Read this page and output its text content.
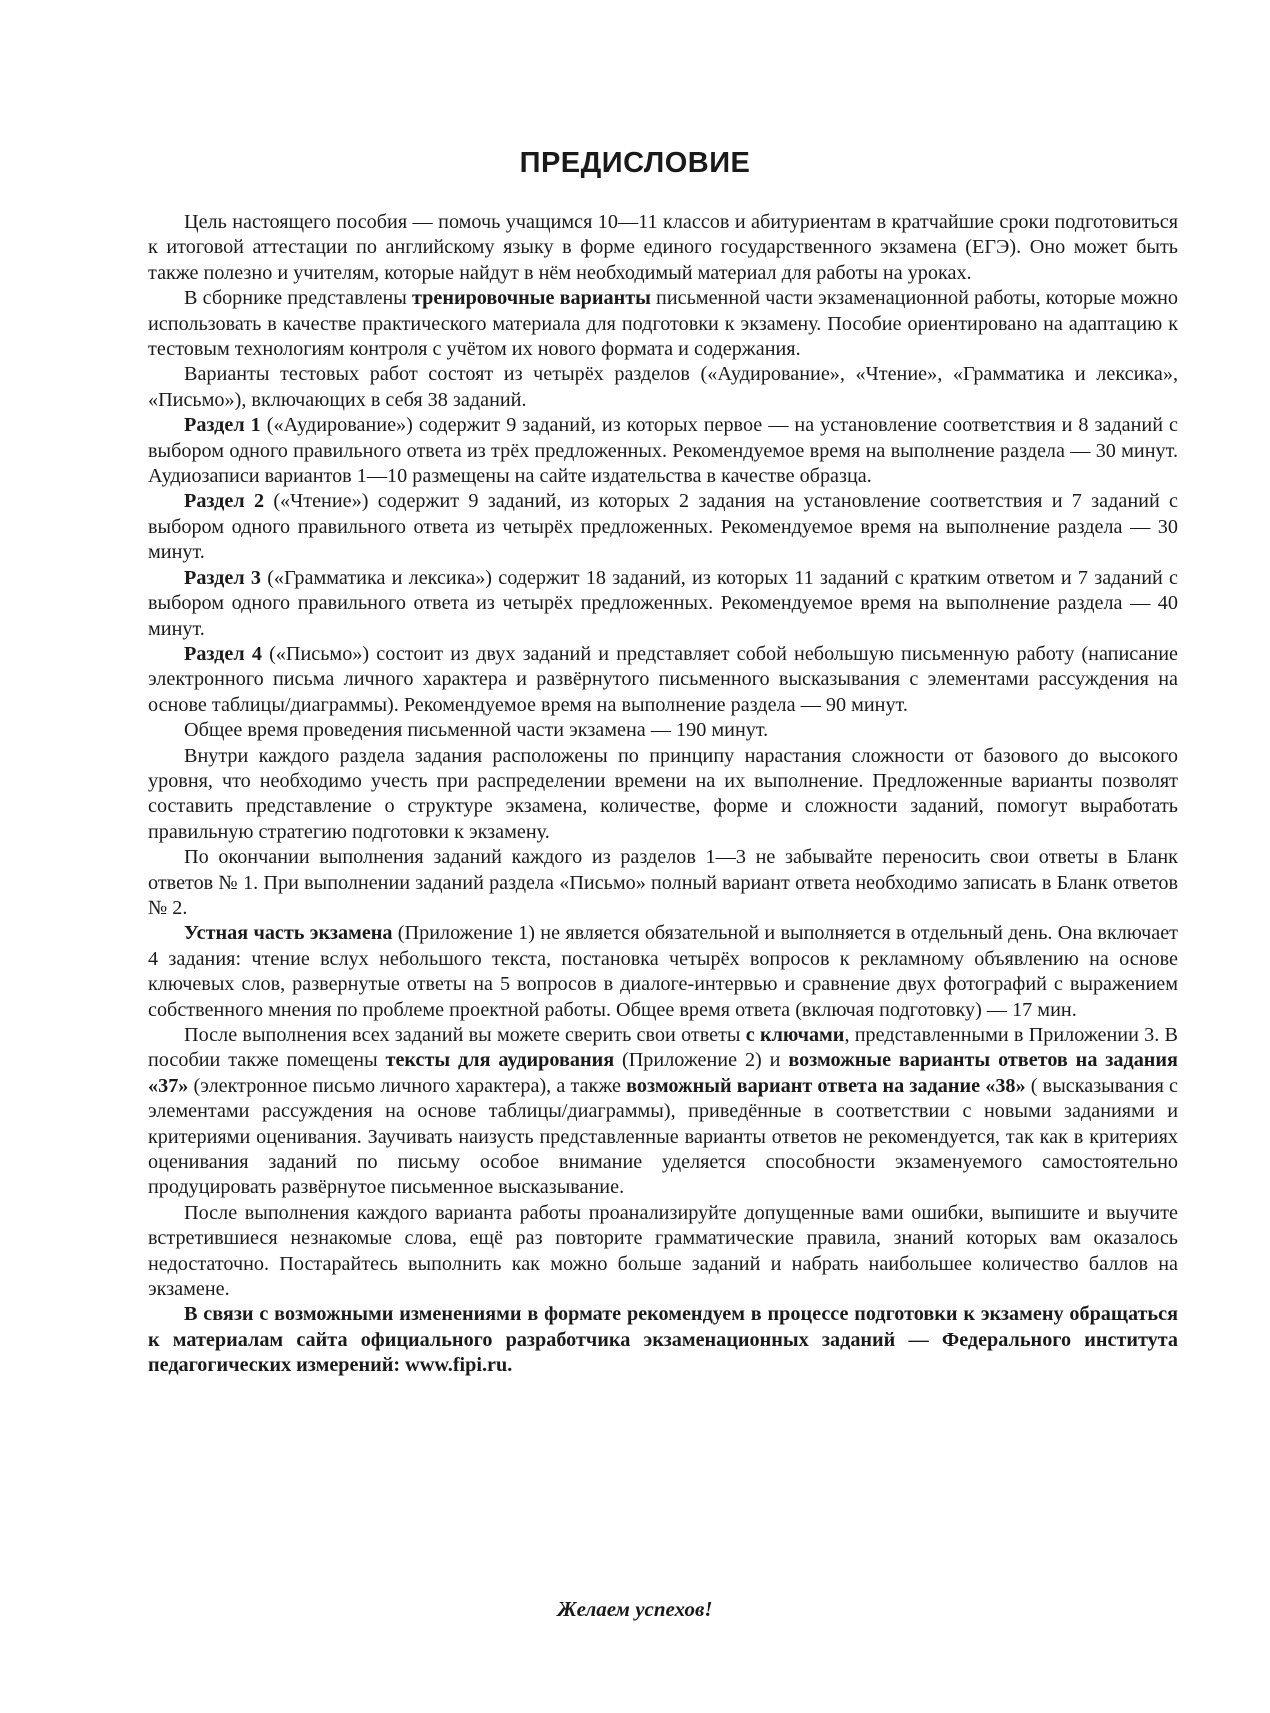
ПРЕДИСЛОВИЕ

Цель настоящего пособия — помочь учащимся 10—11 классов и абитуриентам в кратчайшие сроки подготовиться к итоговой аттестации по английскому языку в форме единого государственного экзамена (ЕГЭ). Оно может быть также полезно и учителям, которые найдут в нём необходимый материал для работы на уроках.

В сборнике представлены тренировочные варианты письменной части экзаменационной работы, которые можно использовать в качестве практического материала для подготовки к экзамену. Пособие ориентировано на адаптацию к тестовым технологиям контроля с учётом их нового формата и содержания.

Варианты тестовых работ состоят из четырёх разделов («Аудирование», «Чтение», «Грамматика и лексика», «Письмо»), включающих в себя 38 заданий.

Раздел 1 («Аудирование») содержит 9 заданий, из которых первое — на установление соответствия и 8 заданий с выбором одного правильного ответа из трёх предложенных. Рекомендуемое время на выполнение раздела — 30 минут. Аудиозаписи вариантов 1—10 размещены на сайте издательства в качестве образца.

Раздел 2 («Чтение») содержит 9 заданий, из которых 2 задания на установление соответствия и 7 заданий с выбором одного правильного ответа из четырёх предложенных. Рекомендуемое время на выполнение раздела — 30 минут.

Раздел 3 («Грамматика и лексика») содержит 18 заданий, из которых 11 заданий с кратким ответом и 7 заданий с выбором одного правильного ответа из четырёх предложенных. Рекомендуемое время на выполнение раздела — 40 минут.

Раздел 4 («Письмо») состоит из двух заданий и представляет собой небольшую письменную работу (написание электронного письма личного характера и развёрнутого письменного высказывания с элементами рассуждения на основе таблицы/диаграммы). Рекомендуемое время на выполнение раздела — 90 минут.

Общее время проведения письменной части экзамена — 190 минут.

Внутри каждого раздела задания расположены по принципу нарастания сложности от базового до высокого уровня, что необходимо учесть при распределении времени на их выполнение. Предложенные варианты позволят составить представление о структуре экзамена, количестве, форме и сложности заданий, помогут выработать правильную стратегию подготовки к экзамену.

По окончании выполнения заданий каждого из разделов 1—3 не забывайте переносить свои ответы в Бланк ответов № 1. При выполнении заданий раздела «Письмо» полный вариант ответа необходимо записать в Бланк ответов № 2.

Устная часть экзамена (Приложение 1) не является обязательной и выполняется в отдельный день. Она включает 4 задания: чтение вслух небольшого текста, постановка четырёх вопросов к рекламному объявлению на основе ключевых слов, развернутые ответы на 5 вопросов в диалоге-интервью и сравнение двух фотографий с выражением собственного мнения по проблеме проектной работы. Общее время ответа (включая подготовку) — 17 мин.

После выполнения всех заданий вы можете сверить свои ответы с ключами, представленными в Приложении 3. В пособии также помещены тексты для аудирования (Приложение 2) и возможные варианты ответов на задания «37» (электронное письмо личного характера), а также возможный вариант ответа на задание «38» ( высказывания с элементами рассуждения на основе таблицы/диаграммы), приведённые в соответствии с новыми заданиями и критериями оценивания. Заучивать наизусть представленные варианты ответов не рекомендуется, так как в критериях оценивания заданий по письму особое внимание уделяется способности экзаменуемого самостоятельно продуцировать развёрнутое письменное высказывание.

После выполнения каждого варианта работы проанализируйте допущенные вами ошибки, выпишите и выучите встретившиеся незнакомые слова, ещё раз повторите грамматические правила, знаний которых вам оказалось недостаточно. Постарайтесь выполнить как можно больше заданий и набрать наибольшее количество баллов на экзамене.

В связи с возможными изменениями в формате рекомендуем в процессе подготовки к экзамену обращаться к материалам сайта официального разработчика экзаменационных заданий — Федерального института педагогических измерений: www.fipi.ru.

Желаем успехов!
